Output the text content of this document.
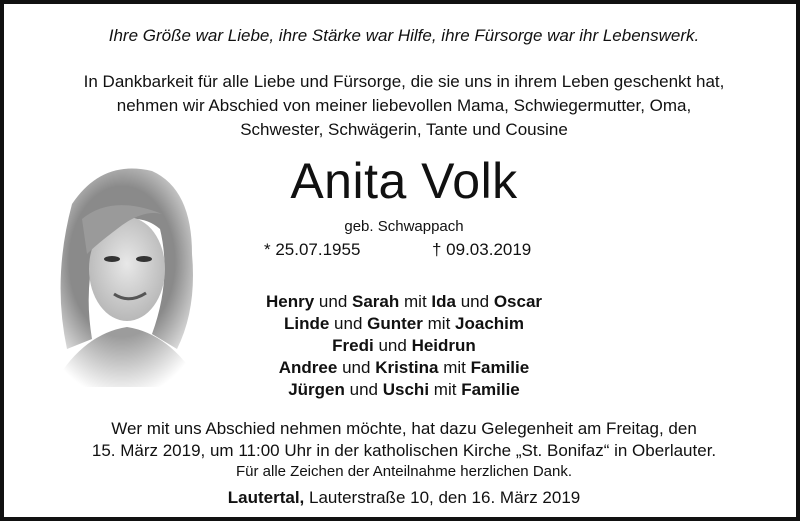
Ihre Größe war Liebe, ihre Stärke war Hilfe, ihre Fürsorge war ihr Lebenswerk.
In Dankbarkeit für alle Liebe und Fürsorge, die sie uns in ihrem Leben geschenkt hat,
nehmen wir Abschied von meiner liebevollen Mama, Schwiegermutter, Oma,
Schwester, Schwägerin, Tante und Cousine
Anita Volk
geb. Schwappach
* 25.07.1955	† 09.03.2019
Henry und Sarah mit Ida und Oscar
Linde und Gunter mit Joachim
Fredi und Heidrun
Andree und Kristina mit Familie
Jürgen und Uschi mit Familie
Wer mit uns Abschied nehmen möchte, hat dazu Gelegenheit am Freitag, den
15. März 2019, um 11:00 Uhr in der katholischen Kirche „St. Bonifaz“ in Oberlauter.
Für alle Zeichen der Anteilnahme herzlichen Dank.
Lautertal, Lauterstraße 10, den 16. März 2019
